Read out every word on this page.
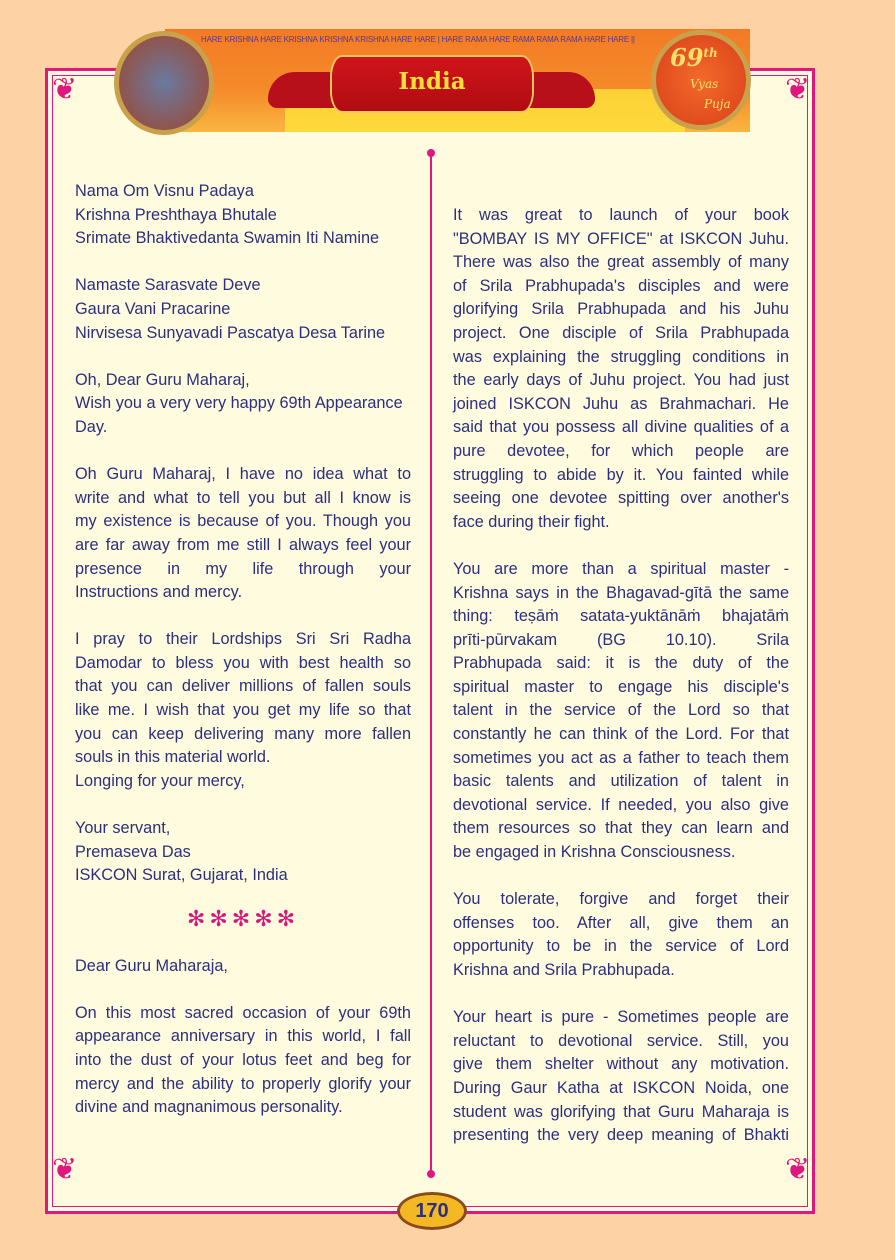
❦	❦
❦	❦
HARE KRISHNA HARE KRISHNA KRISHNA KRISHNA HARE HARE | HARE RAMA HARE RAMA RAMA RAMA HARE HARE ||
India
69th
Vyas
Puja
Nama Om Visnu Padaya
Krishna Preshthaya Bhutale
Srimate Bhaktivedanta Swamin Iti Namine
Namaste Sarasvate Deve
Gaura Vani Pracarine
Nirvisesa Sunyavadi Pascatya Desa Tarine
Oh, Dear Guru Maharaj,
Wish you a very very happy 69th Appearance
Day.
Oh Guru Maharaj, I have no idea what to
write and what to tell you but all I know is
my existence is because of you. Though you
are far away from me still I always feel your
presence in my life through your
Instructions and mercy.
I pray to their Lordships Sri Sri Radha
Damodar to bless you with best health so
that you can deliver millions of fallen souls
like me. I wish that you get my life so that
you can keep delivering many more fallen
souls in this material world.
Longing for your mercy,
Your servant,
Premaseva Das
ISKCON Surat, Gujarat, India
✻✻✻✻✻
Dear Guru Maharaja,
On this most sacred occasion of your 69th
appearance anniversary in this world, I fall
into the dust of your lotus feet and beg for
mercy and the ability to properly glorify your
divine and magnanimous personality.
It was great to launch of your book
"BOMBAY IS MY OFFICE" at ISKCON Juhu.
There was also the great assembly of many
of Srila Prabhupada's disciples and were
glorifying Srila Prabhupada and his Juhu
project. One disciple of Srila Prabhupada
was explaining the struggling conditions in
the early days of Juhu project. You had just
joined ISKCON Juhu as Brahmachari. He
said that you possess all divine qualities of a
pure devotee, for which people are
struggling to abide by it. You fainted while
seeing one devotee spitting over another's
face during their fight.
You are more than a spiritual master -
Krishna says in the Bhagavad-gītā the same
thing: teṣāṁ satata-yuktānāṁ bhajatāṁ
prīti-pūrvakam (BG 10.10). Srila
Prabhupada said: it is the duty of the
spiritual master to engage his disciple's
talent in the service of the Lord so that
constantly he can think of the Lord. For that
sometimes you act as a father to teach them
basic talents and utilization of talent in
devotional service. If needed, you also give
them resources so that they can learn and
be engaged in Krishna Consciousness.
You tolerate, forgive and forget their
offenses too. After all, give them an
opportunity to be in the service of Lord
Krishna and Srila Prabhupada.
Your heart is pure - Sometimes people are
reluctant to devotional service. Still, you
give them shelter without any motivation.
During Gaur Katha at ISKCON Noida, one
student was glorifying that Guru Maharaja is
presenting the very deep meaning of Bhakti
170
